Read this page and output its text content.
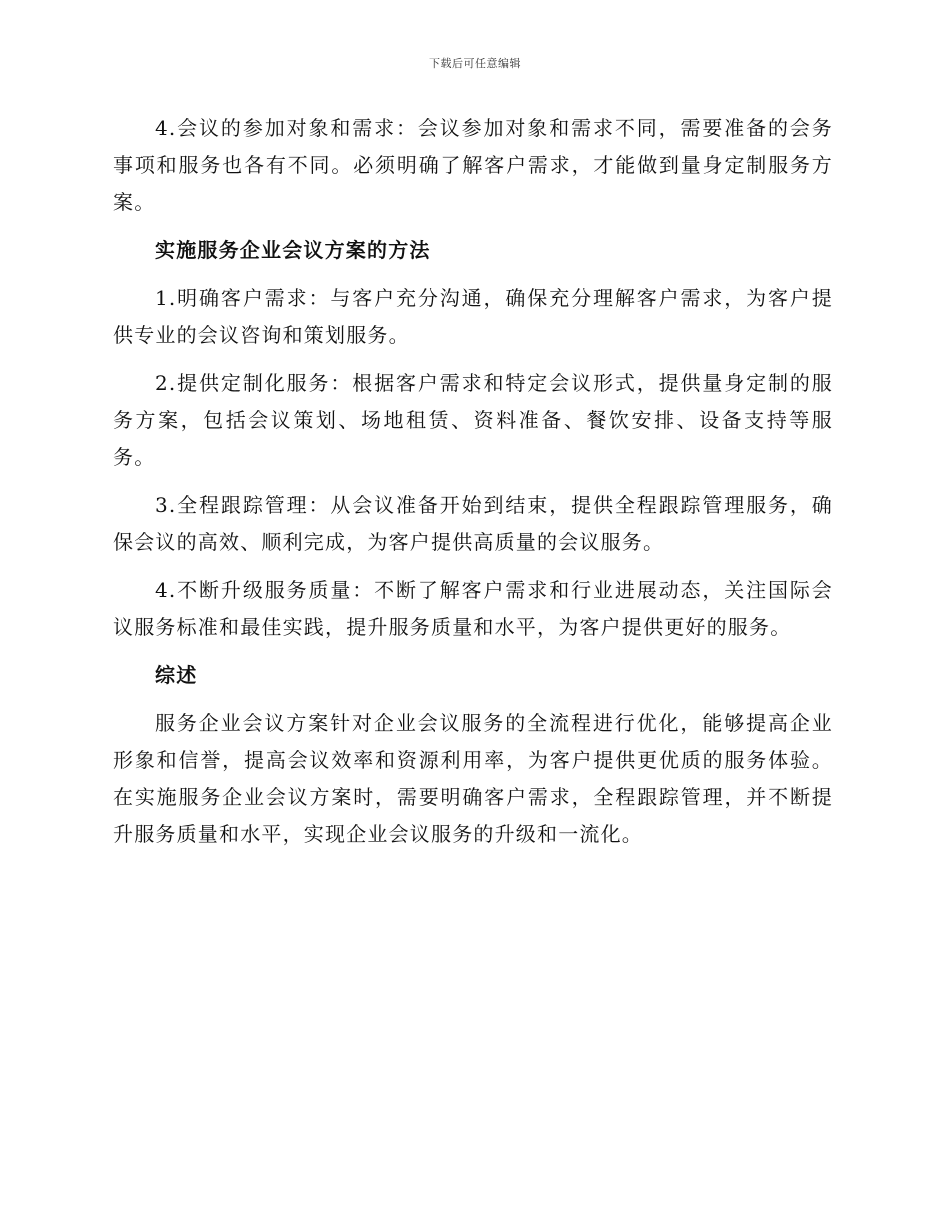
下载后可任意编辑

4.会议的参加对象和需求：会议参加对象和需求不同，需要准备的会务事项和服务也各有不同。必须明确了解客户需求，才能做到量身定制服务方案。

实施服务企业会议方案的方法

1.明确客户需求：与客户充分沟通，确保充分理解客户需求，为客户提供专业的会议咨询和策划服务。

2.提供定制化服务：根据客户需求和特定会议形式，提供量身定制的服务方案，包括会议策划、场地租赁、资料准备、餐饮安排、设备支持等服务。

3.全程跟踪管理：从会议准备开始到结束，提供全程跟踪管理服务，确保会议的高效、顺利完成，为客户提供高质量的会议服务。

4.不断升级服务质量：不断了解客户需求和行业进展动态，关注国际会议服务标准和最佳实践，提升服务质量和水平，为客户提供更好的服务。

综述

服务企业会议方案针对企业会议服务的全流程进行优化，能够提高企业形象和信誉，提高会议效率和资源利用率，为客户提供更优质的服务体验。在实施服务企业会议方案时，需要明确客户需求，全程跟踪管理，并不断提升服务质量和水平，实现企业会议服务的升级和一流化。
